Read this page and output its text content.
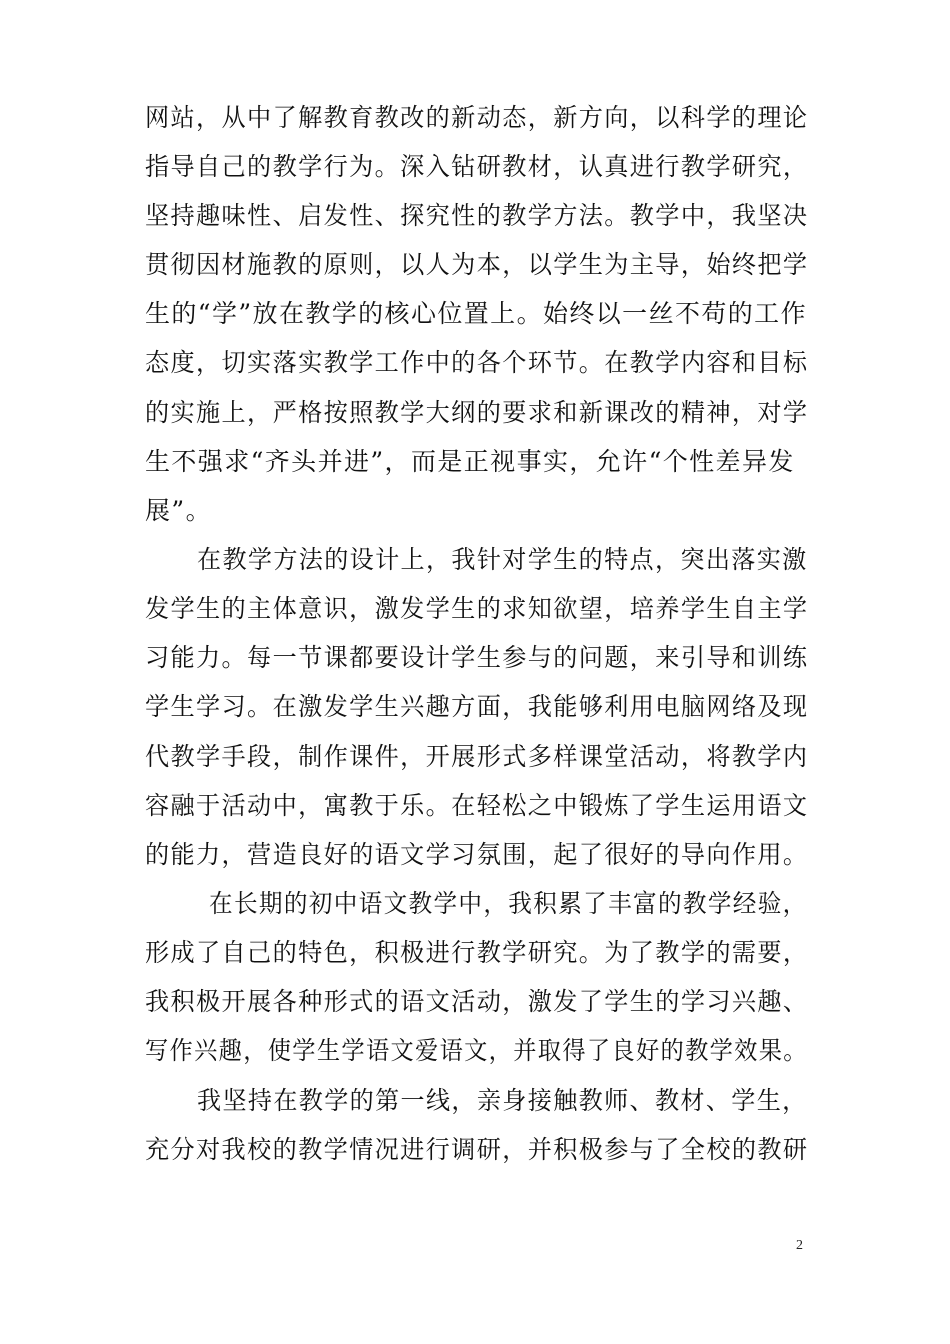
网站，从中了解教育教改的新动态，新方向，以科学的理论
指导自己的教学行为。深入钻研教材，认真进行教学研究，
坚持趣味性、启发性、探究性的教学方法。教学中，我坚决
贯彻因材施教的原则，以人为本，以学生为主导，始终把学
生的“学”放在教学的核心位置上。始终以一丝不苟的工作
态度，切实落实教学工作中的各个环节。在教学内容和目标
的实施上，严格按照教学大纲的要求和新课改的精神，对学
生不强求“齐头并进”，而是正视事实，允许“个性差异发
展”。
在教学方法的设计上，我针对学生的特点，突出落实激
发学生的主体意识，激发学生的求知欲望，培养学生自主学
习能力。每一节课都要设计学生参与的问题，来引导和训练
学生学习。在激发学生兴趣方面，我能够利用电脑网络及现
代教学手段，制作课件，开展形式多样课堂活动，将教学内
容融于活动中，寓教于乐。在轻松之中锻炼了学生运用语文
的能力，营造良好的语文学习氛围，起了很好的导向作用。
在长期的初中语文教学中，我积累了丰富的教学经验，
形成了自己的特色，积极进行教学研究。为了教学的需要，
我积极开展各种形式的语文活动，激发了学生的学习兴趣、
写作兴趣，使学生学语文爱语文，并取得了良好的教学效果。
我坚持在教学的第一线，亲身接触教师、教材、学生，
充分对我校的教学情况进行调研，并积极参与了全校的教研
2
